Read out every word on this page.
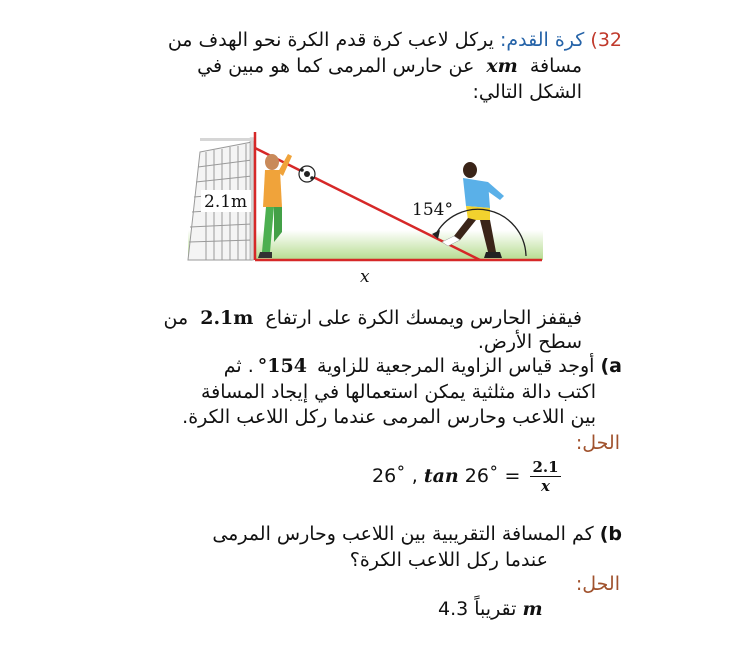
32) كرة القدم: يركل لاعب كرة قدم الكرة نحو الهدف من
مسافة xm عن حارس المرمى كما هو مبين في
الشكل التالي:
2.1m	154°
x
فيقفز الحارس ويمسك الكرة على ارتفاع 2.1m من
سطح الأرض.
a) أوجد قياس الزاوية المرجعية للزاوية 154°. ثم
اكتب دالة مثلثية يمكن استعمالها في إيجاد المسافة
بين اللاعب وحارس المرمى عندما ركل اللاعب الكرة.
الحل:
26˚ , tan 26˚ = $\frac{2.1}{x}$
b) كم المسافة التقريبية بين اللاعب وحارس المرمى
عندما ركل اللاعب الكرة؟
الحل:
تقريباً 4.3	m
